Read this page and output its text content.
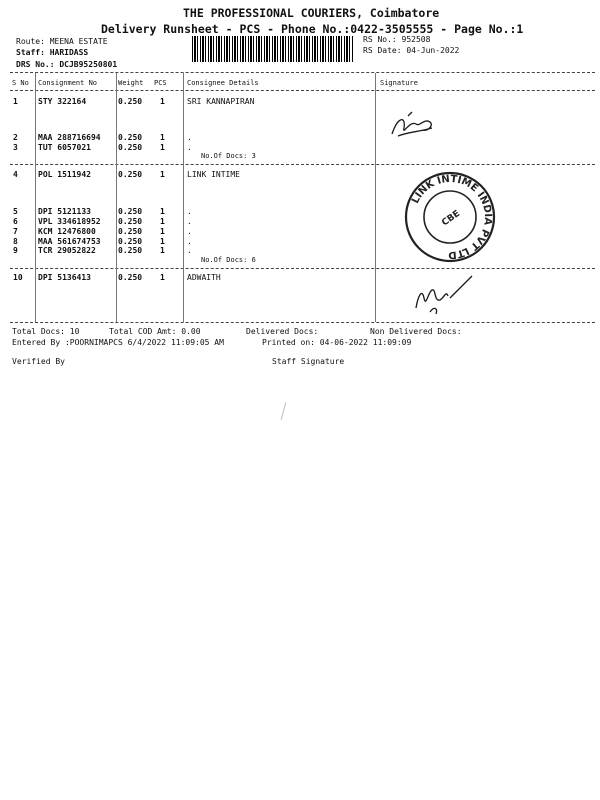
THE PROFESSIONAL COURIERS, Coimbatore
Delivery Runsheet - PCS - Phone No.:0422-3505555 - Page No.:1
Route: MEENA ESTATE
Staff: HARIDASS
DRS No.: DCJB95250801
RS No.: 952508
RS Date: 04-Jun-2022
S No Consignment No	Weight PCS	Consignee Details	Signature
1	STY 322164	0.250 1	SRI KANNAPIRAN
2	MAA 288716694 0.250 1	.
3	TUT 6057021	0.250 1	.
No.Of Docs: 3
4	POL 1511942	0.250 1	LINK INTIME
5	DPI 5121133	0.250 1	.
6	VPL 334618952 0.250 1	.
7	KCM 12476800	0.250 1	.
8	MAA 561674753 0.250 1	.
9	TCR 29052822	0.250 1	.
No.Of Docs: 6
10 DPI 5136413	0.250 1	ADWAITH
LINK INTIME INDIA PVT LTD
CBE
Total Docs: 10	Total COD Amt: 0.00	Delivered Docs:	Non Delivered Docs:
Entered By :POORNIMAPCS 6/4/2022 11:09:05 AM	Printed on: 04-06-2022 11:09:09
Verified By	Staff Signature
